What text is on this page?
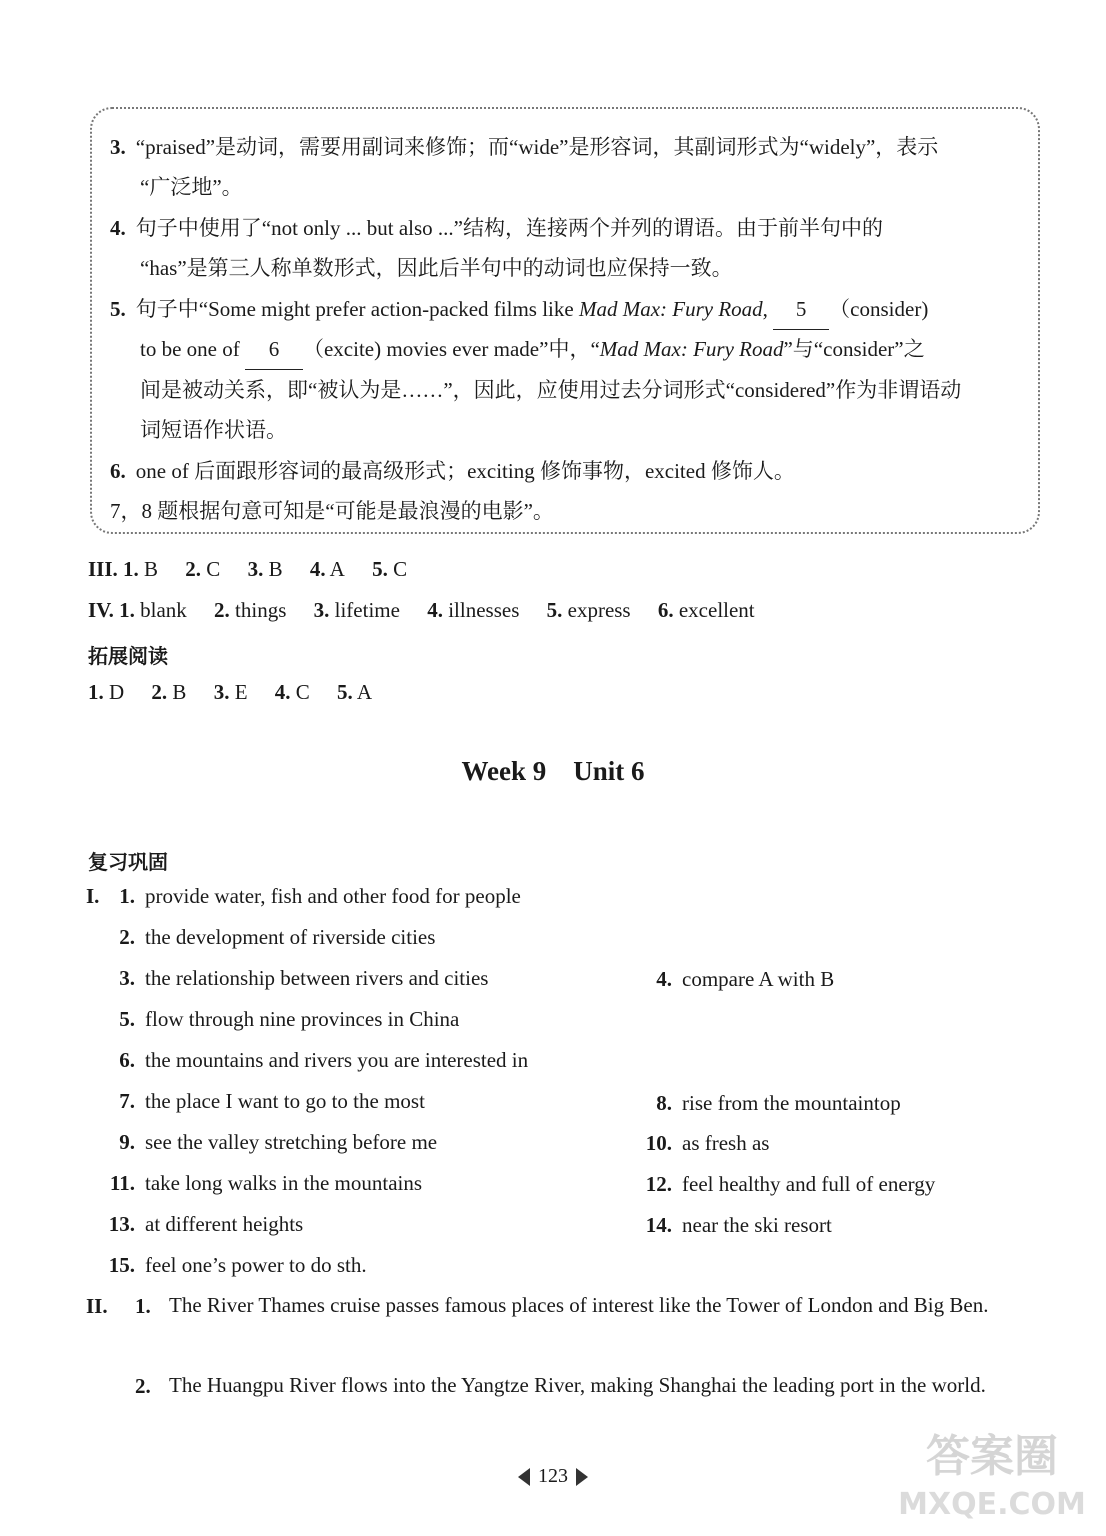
3. “praised”是动词，需要用副词来修饰；而“wide”是形容词，其副词形式为“widely”，表示
“广泛地”。
4. 句子中使用了“not only ... but also ...”结构，连接两个并列的谓语。由于前半句中的
“has”是第三人称单数形式，因此后半句中的动词也应保持一致。
5. 句子中“Some might prefer action-packed films like Mad Max: Fury Road, 5 （consider)
to be one of 6 （excite) movies ever made”中，“Mad Max: Fury Road”与“consider”之
间是被动关系，即“被认为是……”，因此，应使用过去分词形式“considered”作为非谓语动
词短语作状语。
6. one of 后面跟形容词的最高级形式；exciting 修饰事物，excited 修饰人。
7，8 题根据句意可知是“可能是最浪漫的电影”。
III. 1. B 2. C 3. B 4. A 5. C
IV. 1. blank 2. things 3. lifetime 4. illnesses 5. express 6. excellent
拓展阅读
1. D 2. B 3. E 4. C 5. A
Week 9    Unit 6
复习巩固
I. 1. provide water, fish and other food for people
2. the development of riverside cities
3. the relationship between rivers and cities	4. compare A with B
5. flow through nine provinces in China
6. the mountains and rivers you are interested in
7. the place I want to go to the most	8. rise from the mountaintop
9. see the valley stretching before me	10. as fresh as
11. take long walks in the mountains	12. feel healthy and full of energy
13. at different heights	14. near the ski resort
15. feel one’s power to do sth.
II. 1. The River Thames cruise passes famous places of interest like the Tower of London and Big Ben.
2. The Huangpu River flows into the Yangtze River, making Shanghai the leading port in the world.
123	答案圈
MXQE.COM
